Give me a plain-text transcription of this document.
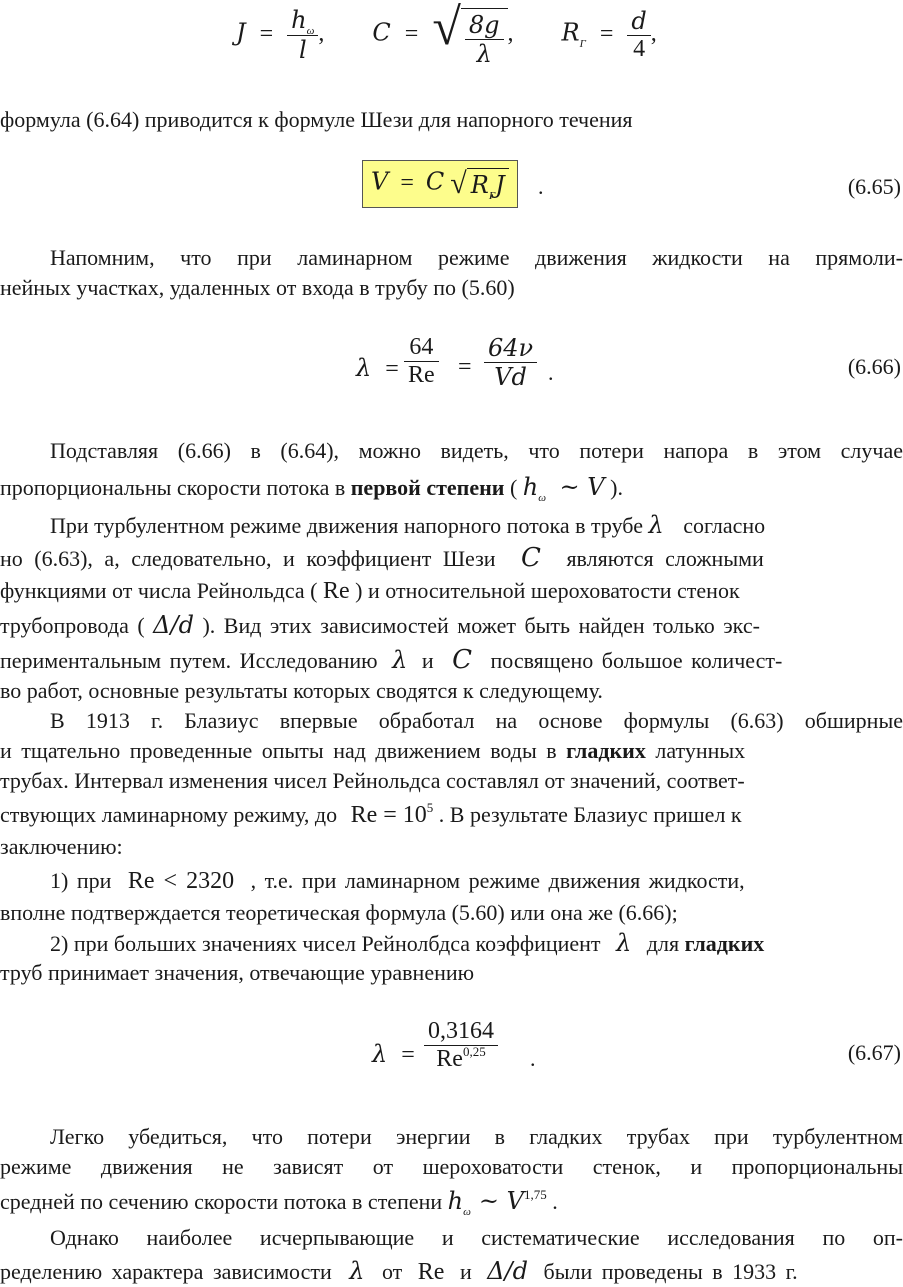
$J = \frac{h_\omega}{l}$ , C = √ $\frac{8g}{\lambda}$ , $R_Г = \frac{d}{4}$ ,
формула (6.64) приводится к формуле Шези для напорного течения
V = C √ $R_ГJ$	.	(6.65)
Напомним, что при ламинарном режиме движения жидкости на прямоли-
нейных участках, удаленных от входа в трубу по (5.60)
$\lambda = \frac{64}{Re} = \frac{64\nu}{Vd}$ .	(6.66)
Подставляя (6.66) в (6.64), можно видеть, что потери напора в этом случае
пропорциональны скорости потока в первой степени ( $h_\omega$ ~ V ).
При турбулентном режиме движения напорного потока в трубе λ согласно
но (6.63), а, следовательно, и коэффициент Шези C являются сложными
функциями от числа Рейнольдса ( Re ) и относительной шероховатости стенок
трубопровода ( Δ/d ). Вид этих зависимостей может быть найден только экс-
периментальным путем. Исследованию λ и C посвящено большое количест-
во работ, основные результаты которых сводятся к следующему.
В 1913 г. Блазиус впервые обработал на основе формулы (6.63) обширные
и тщательно проведенные опыты над движением воды в гладких латунных
трубах. Интервал изменения чисел Рейнольдса составлял от значений, соответ-
ствующих ламинарному режиму, до $Re = 10^5$ . В результате Блазиус пришел к
заключению:
1) при Re < 2320 , т.е. при ламинарном режиме движения жидкости,
вполне подтверждается теоретическая формула (5.60) или она же (6.66);
2) при больших значениях чисел Рейнолбдса коэффициент λ для гладких
труб принимает значения, отвечающие уравнению
$\lambda = \frac{0,3164}{Re^{0,25}}$ .	(6.67)
Легко убедиться, что потери энергии в гладких трубах при турбулентном
режиме движения не зависят от шероховатости стенок, и пропорциональны
средней по сечению скорости потока в степени $h_\omega$ ~ V$^{1,75}$ .
Однако наиболее исчерпывающие и систематические исследования по оп-
ределению характера зависимости λ от Re и Δ/d были проведены в 1933 г.
